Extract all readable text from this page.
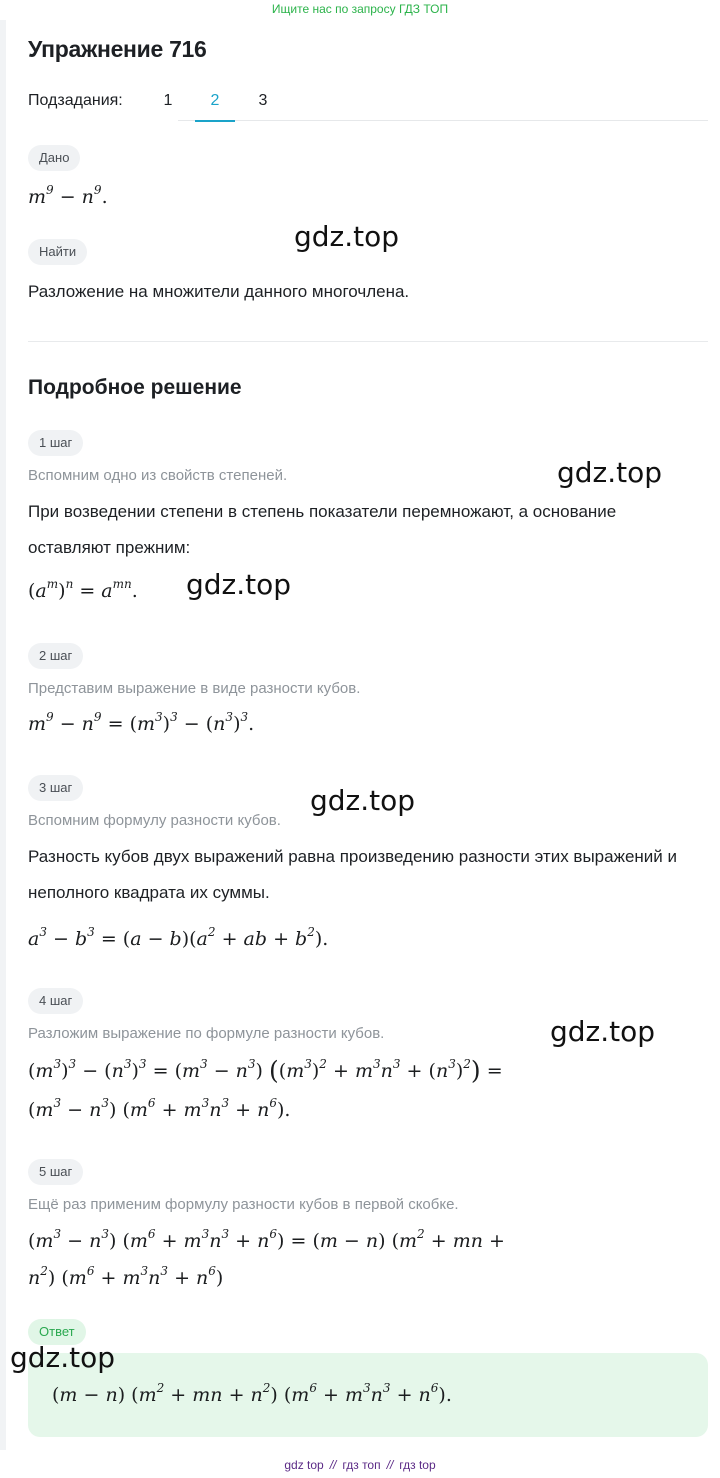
Ищите нас по запросу ГДЗ ТОП
Упражнение 716
Подзадания:	1	2	3
Дано
$m^9 - n^9$.
Найти
Разложение на множители данного многочлена.
Подробное решение
1 шаг
Вспомним одно из свойств степеней.
При возведении степени в степень показатели перемножают, а основание оставляют прежним:
$(a^m)^n = a^{mn}$.
2 шаг
Представим выражение в виде разности кубов.
$m^9 - n^9 = (m^3)^3 - (n^3)^3$.
3 шаг
Вспомним формулу разности кубов.
Разность кубов двух выражений равна произведению разности этих выражений и неполного квадрата их суммы.
$a^3 - b^3 = (a - b)(a^2$ + ab + $b^2$).
4 шаг
Разложим выражение по формуле разности кубов.
$(m^3)^3 - (n^3)^3 = (m^3 - n^3) ((m^3)^2 + m^3n^3 + (n^3)^2)$ =
$(m^3 - n^3) (m^6 + m^3n^3 + n^6)$.
5 шаг
Ещё раз применим формулу разности кубов в первой скобке.
$(m^3 - n^3) (m^6 + m^3n^3 + n^6) = (m - n) (m^2$ + mn +
$n^2$) $(m^6 + m^3n^3 + n^6)$
Ответ
(m − n) ($m^2$ + mn + $n^2$) $(m^6 + m^3n^3 + n^6)$.
gdz.top
gdz.top
gdz.top
gdz.top
gdz.top
gdz.top
gdz top // гдз топ // гдз top
